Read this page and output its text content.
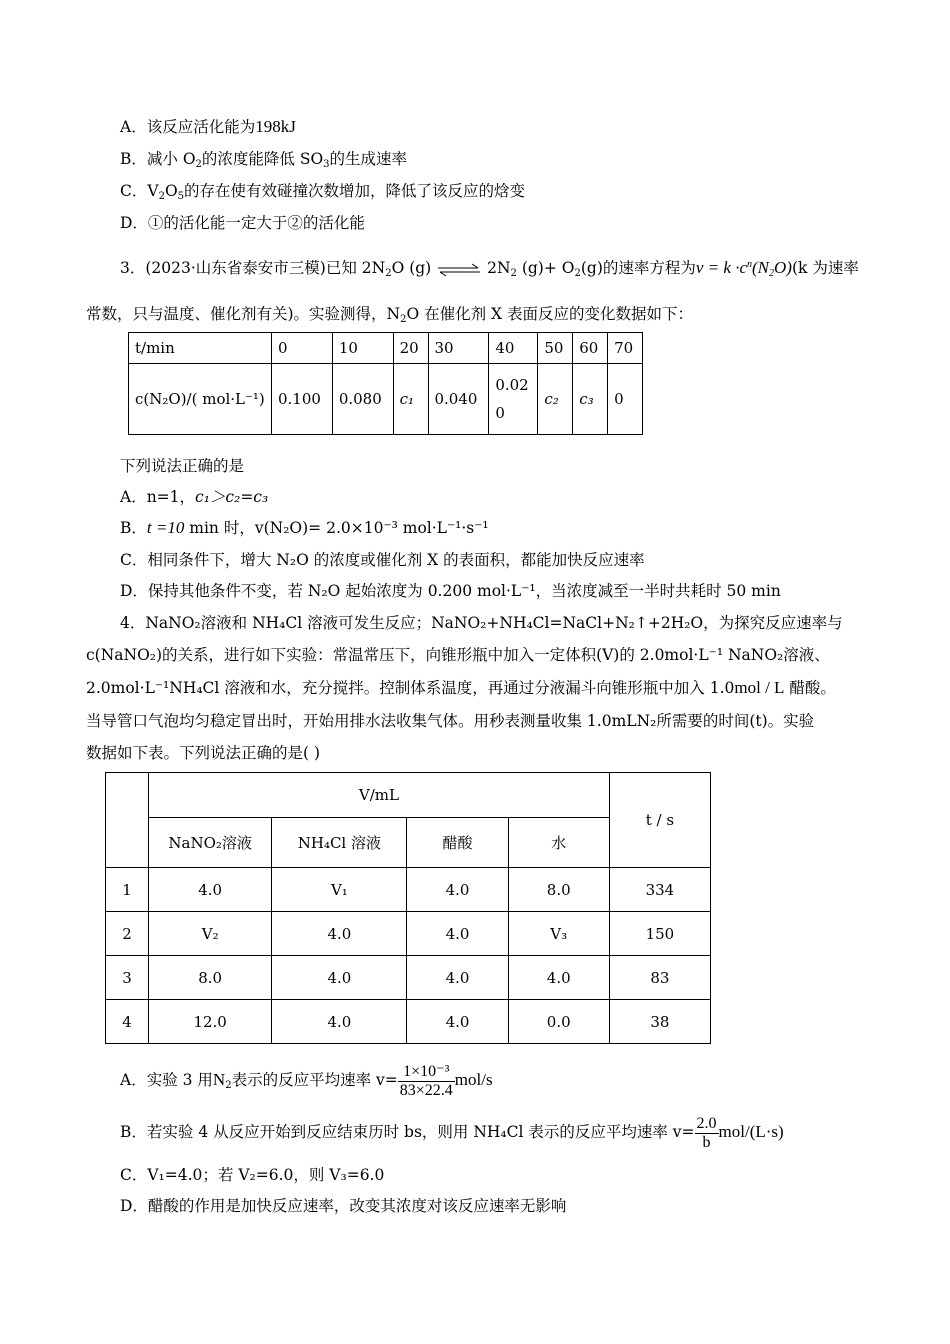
A．该反应活化能为198kJ
B．减小 $O_2$的浓度能降低 $SO_3$的生成速率
C．$V_2O_5$的存在使有效碰撞次数增加，降低了该反应的焓变
D．①的活化能一定大于②的活化能
3．(2023·山东省泰安市三模)已知 $2N_2O$ (g) ⇌ $2N_2$ $(g)+ O_2(g)$的速率方程为$v = k \cdot c^n(N_2O)(k$ 为速率
常数，只与温度、催化剂有关)。实验测得，$N_2O$ 在催化剂 X 表面反应的变化数据如下：
t/min	0	10	20	30	40	50	60	70
c(N₂O)/( mol·L⁻¹)	0.100	0.080	c₁	0.040	0.020	c₂	c₃	0
下列说法正确的是
A．n=1，c₁＞c₂=c₃
B．t =10 min 时，v(N₂O)= 2.0×10⁻³ mol·L⁻¹·s⁻¹
C．相同条件下，增大 N₂O 的浓度或催化剂 X 的表面积，都能加快反应速率
D．保持其他条件不变，若 N₂O 起始浓度为 0.200 mol·L⁻¹，当浓度减至一半时共耗时 50 min
4．NaNO₂溶液和 NH₄Cl 溶液可发生反应；NaNO₂+NH₄Cl=NaCl+N₂↑+2H₂O，为探究反应速率与
c(NaNO₂)的关系，进行如下实验：常温常压下，向锥形瓶中加入一定体积(V)的 2.0mol·L⁻¹ NaNO₂溶液、
2.0mol·L⁻¹NH₄Cl 溶液和水，充分搅拌。控制体系温度，再通过分液漏斗向锥形瓶中加入 1.0mol / L 醋酸。
当导管口气泡均匀稳定冒出时，开始用排水法收集气体。用秒表测量收集 1.0mLN₂所需要的时间(t)。实验
数据如下表。下列说法正确的是( )
	V/mL				t / s
	NaNO₂溶液	NH₄Cl 溶液	醋酸	水	
1	4.0	V₁	4.0	8.0	334
2	V₂	4.0	4.0	V₃	150
3	8.0	4.0	4.0	4.0	83
4	12.0	4.0	4.0	0.0	38
A．实验 3 用$N_2$表示的反应平均速率 $v= \frac{\text{1×10⁻³}}{83\times 22.4} mol/s$
B．若实验 4 从反应开始到反应结束历时 bs，则用 NH₄Cl 表示的反应平均速率 $v= \frac{2.0}{b} mol/(L\cdot s)$
C．V₁=4.0；若 V₂=6.0，则 V₃=6.0
D．醋酸的作用是加快反应速率，改变其浓度对该反应速率无影响
